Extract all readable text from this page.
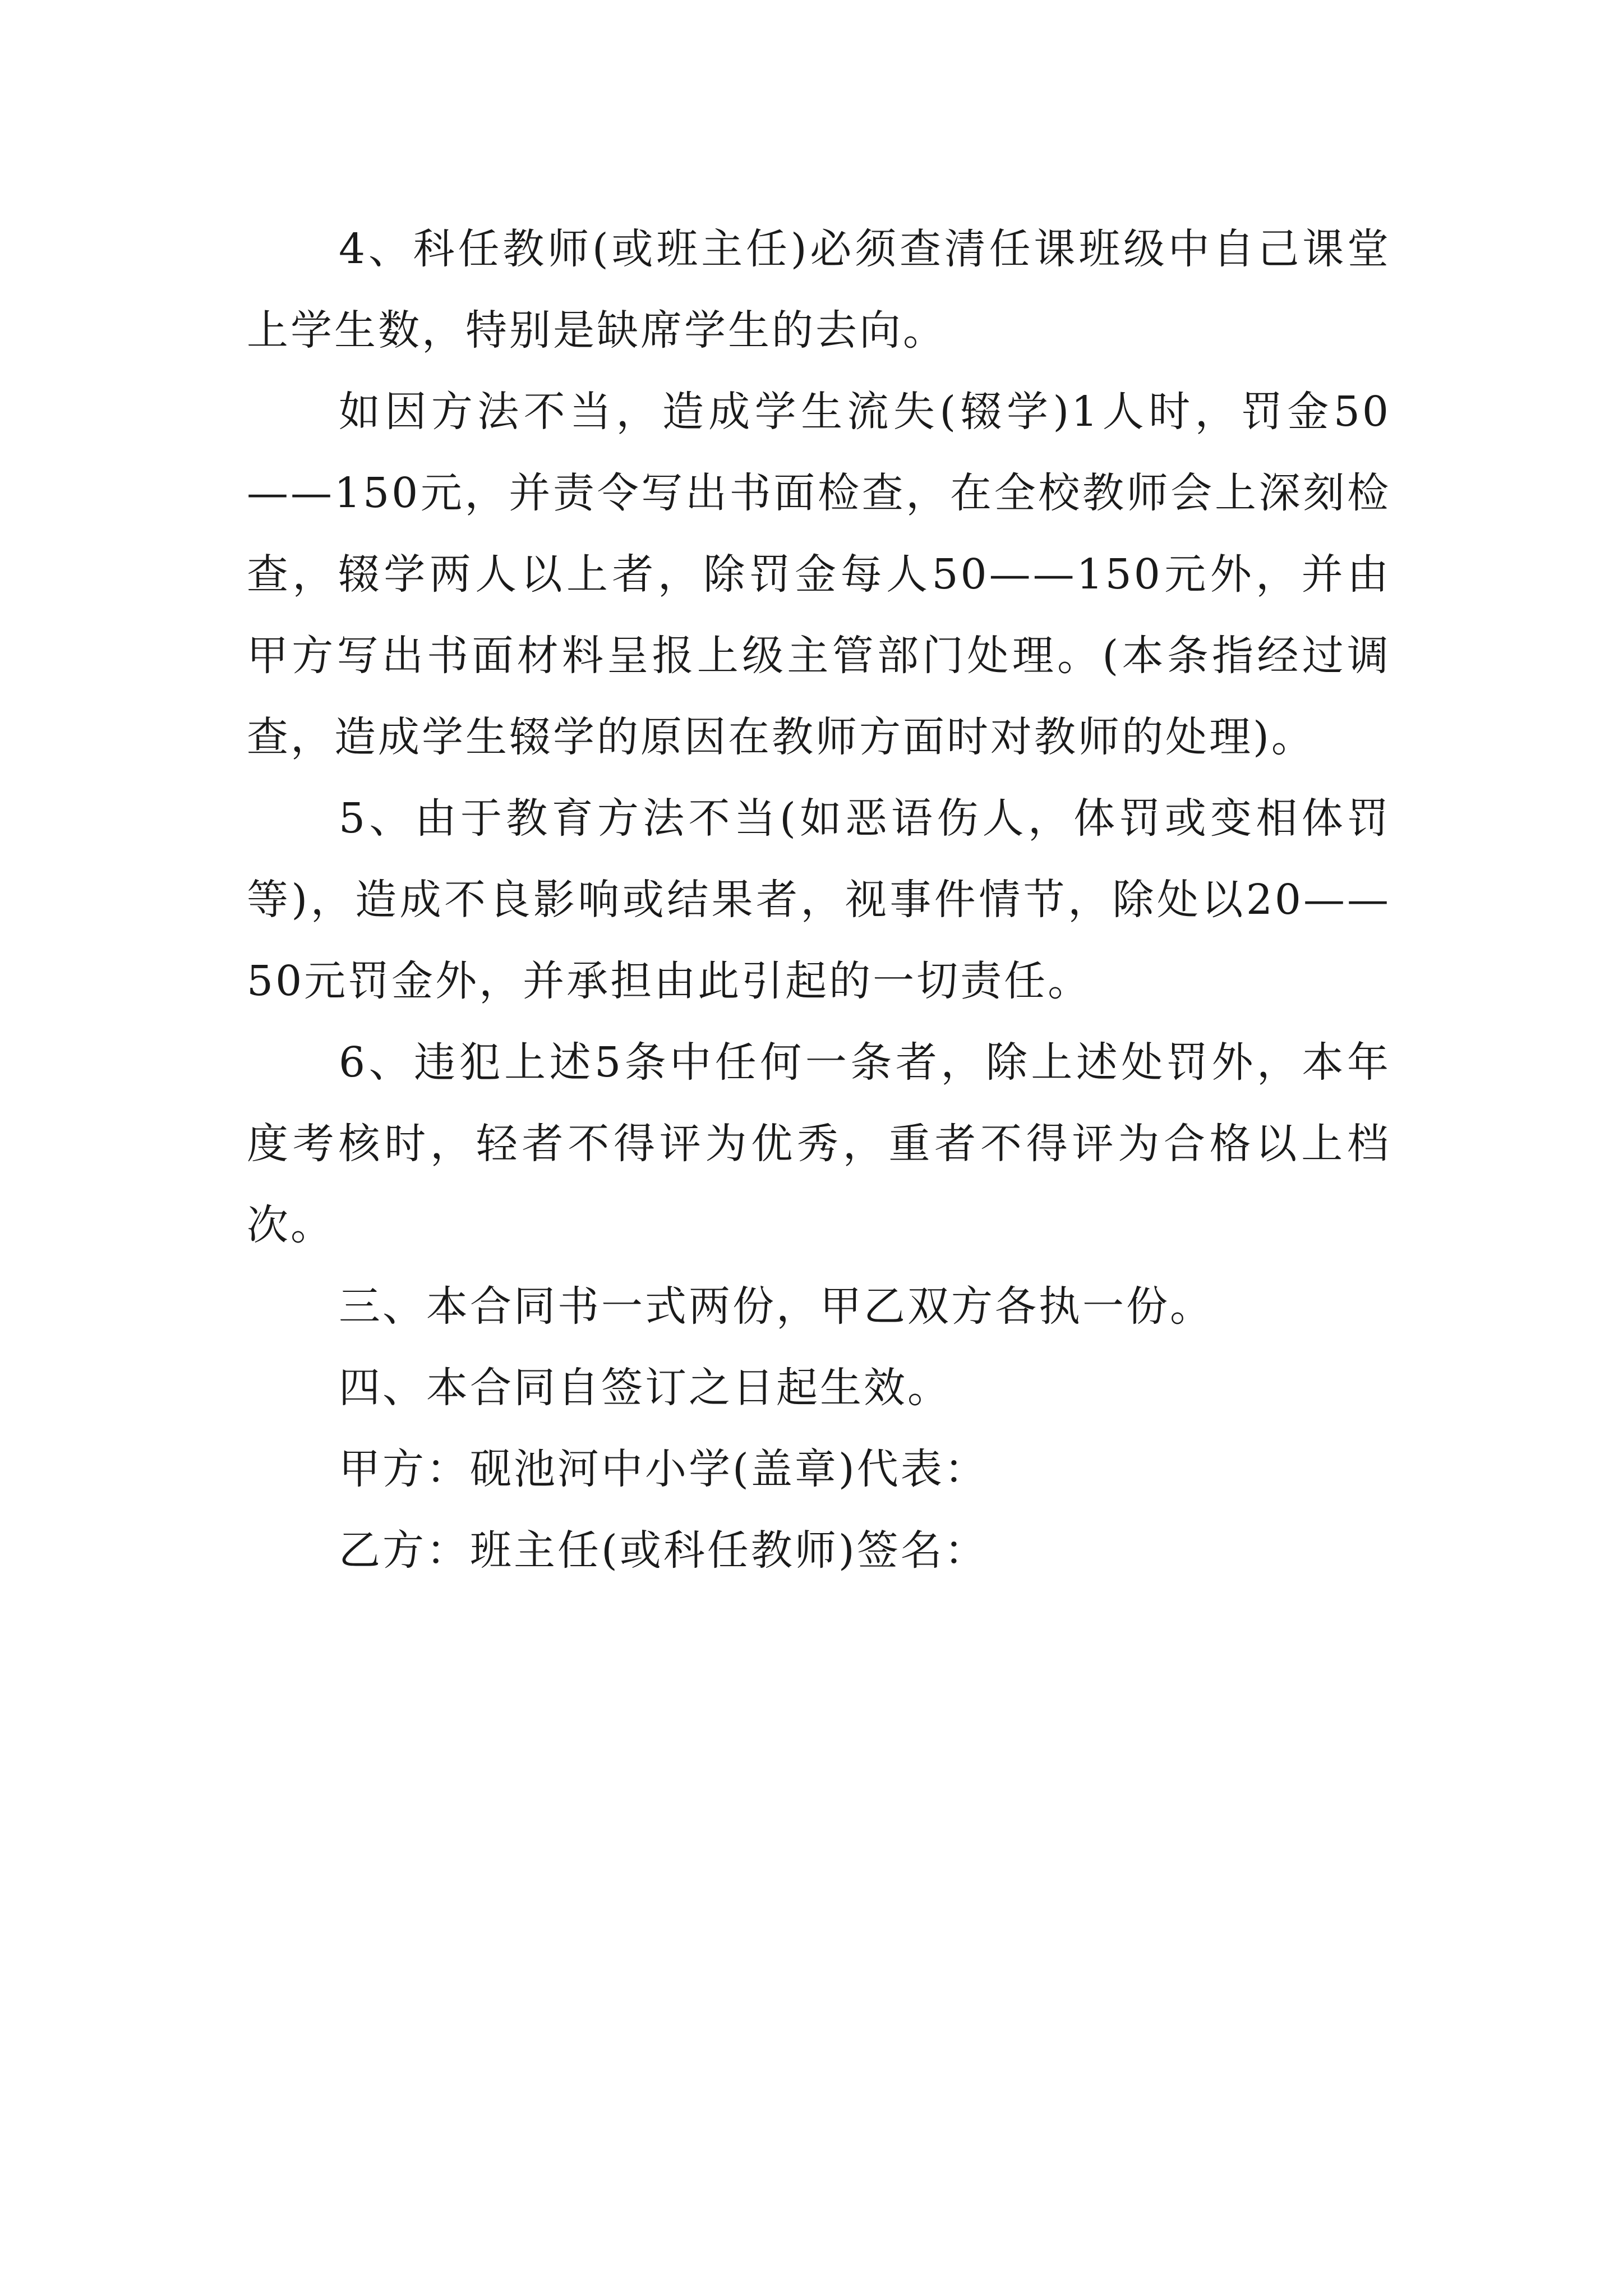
4、科任教师(或班主任)必须查清任课班级中自己课堂上学生数，特别是缺席学生的去向。

如因方法不当，造成学生流失(辍学)1人时，罚金50——150元，并责令写出书面检查，在全校教师会上深刻检查，辍学两人以上者，除罚金每人50——150元外，并由甲方写出书面材料呈报上级主管部门处理。(本条指经过调查，造成学生辍学的原因在教师方面时对教师的处理)。

5、由于教育方法不当(如恶语伤人，体罚或变相体罚等)，造成不良影响或结果者，视事件情节，除处以20——50元罚金外，并承担由此引起的一切责任。

6、违犯上述5条中任何一条者，除上述处罚外，本年度考核时，轻者不得评为优秀，重者不得评为合格以上档次。

三、本合同书一式两份，甲乙双方各执一份。

四、本合同自签订之日起生效。

甲方：砚池河中小学(盖章)代表：

乙方：班主任(或科任教师)签名：
